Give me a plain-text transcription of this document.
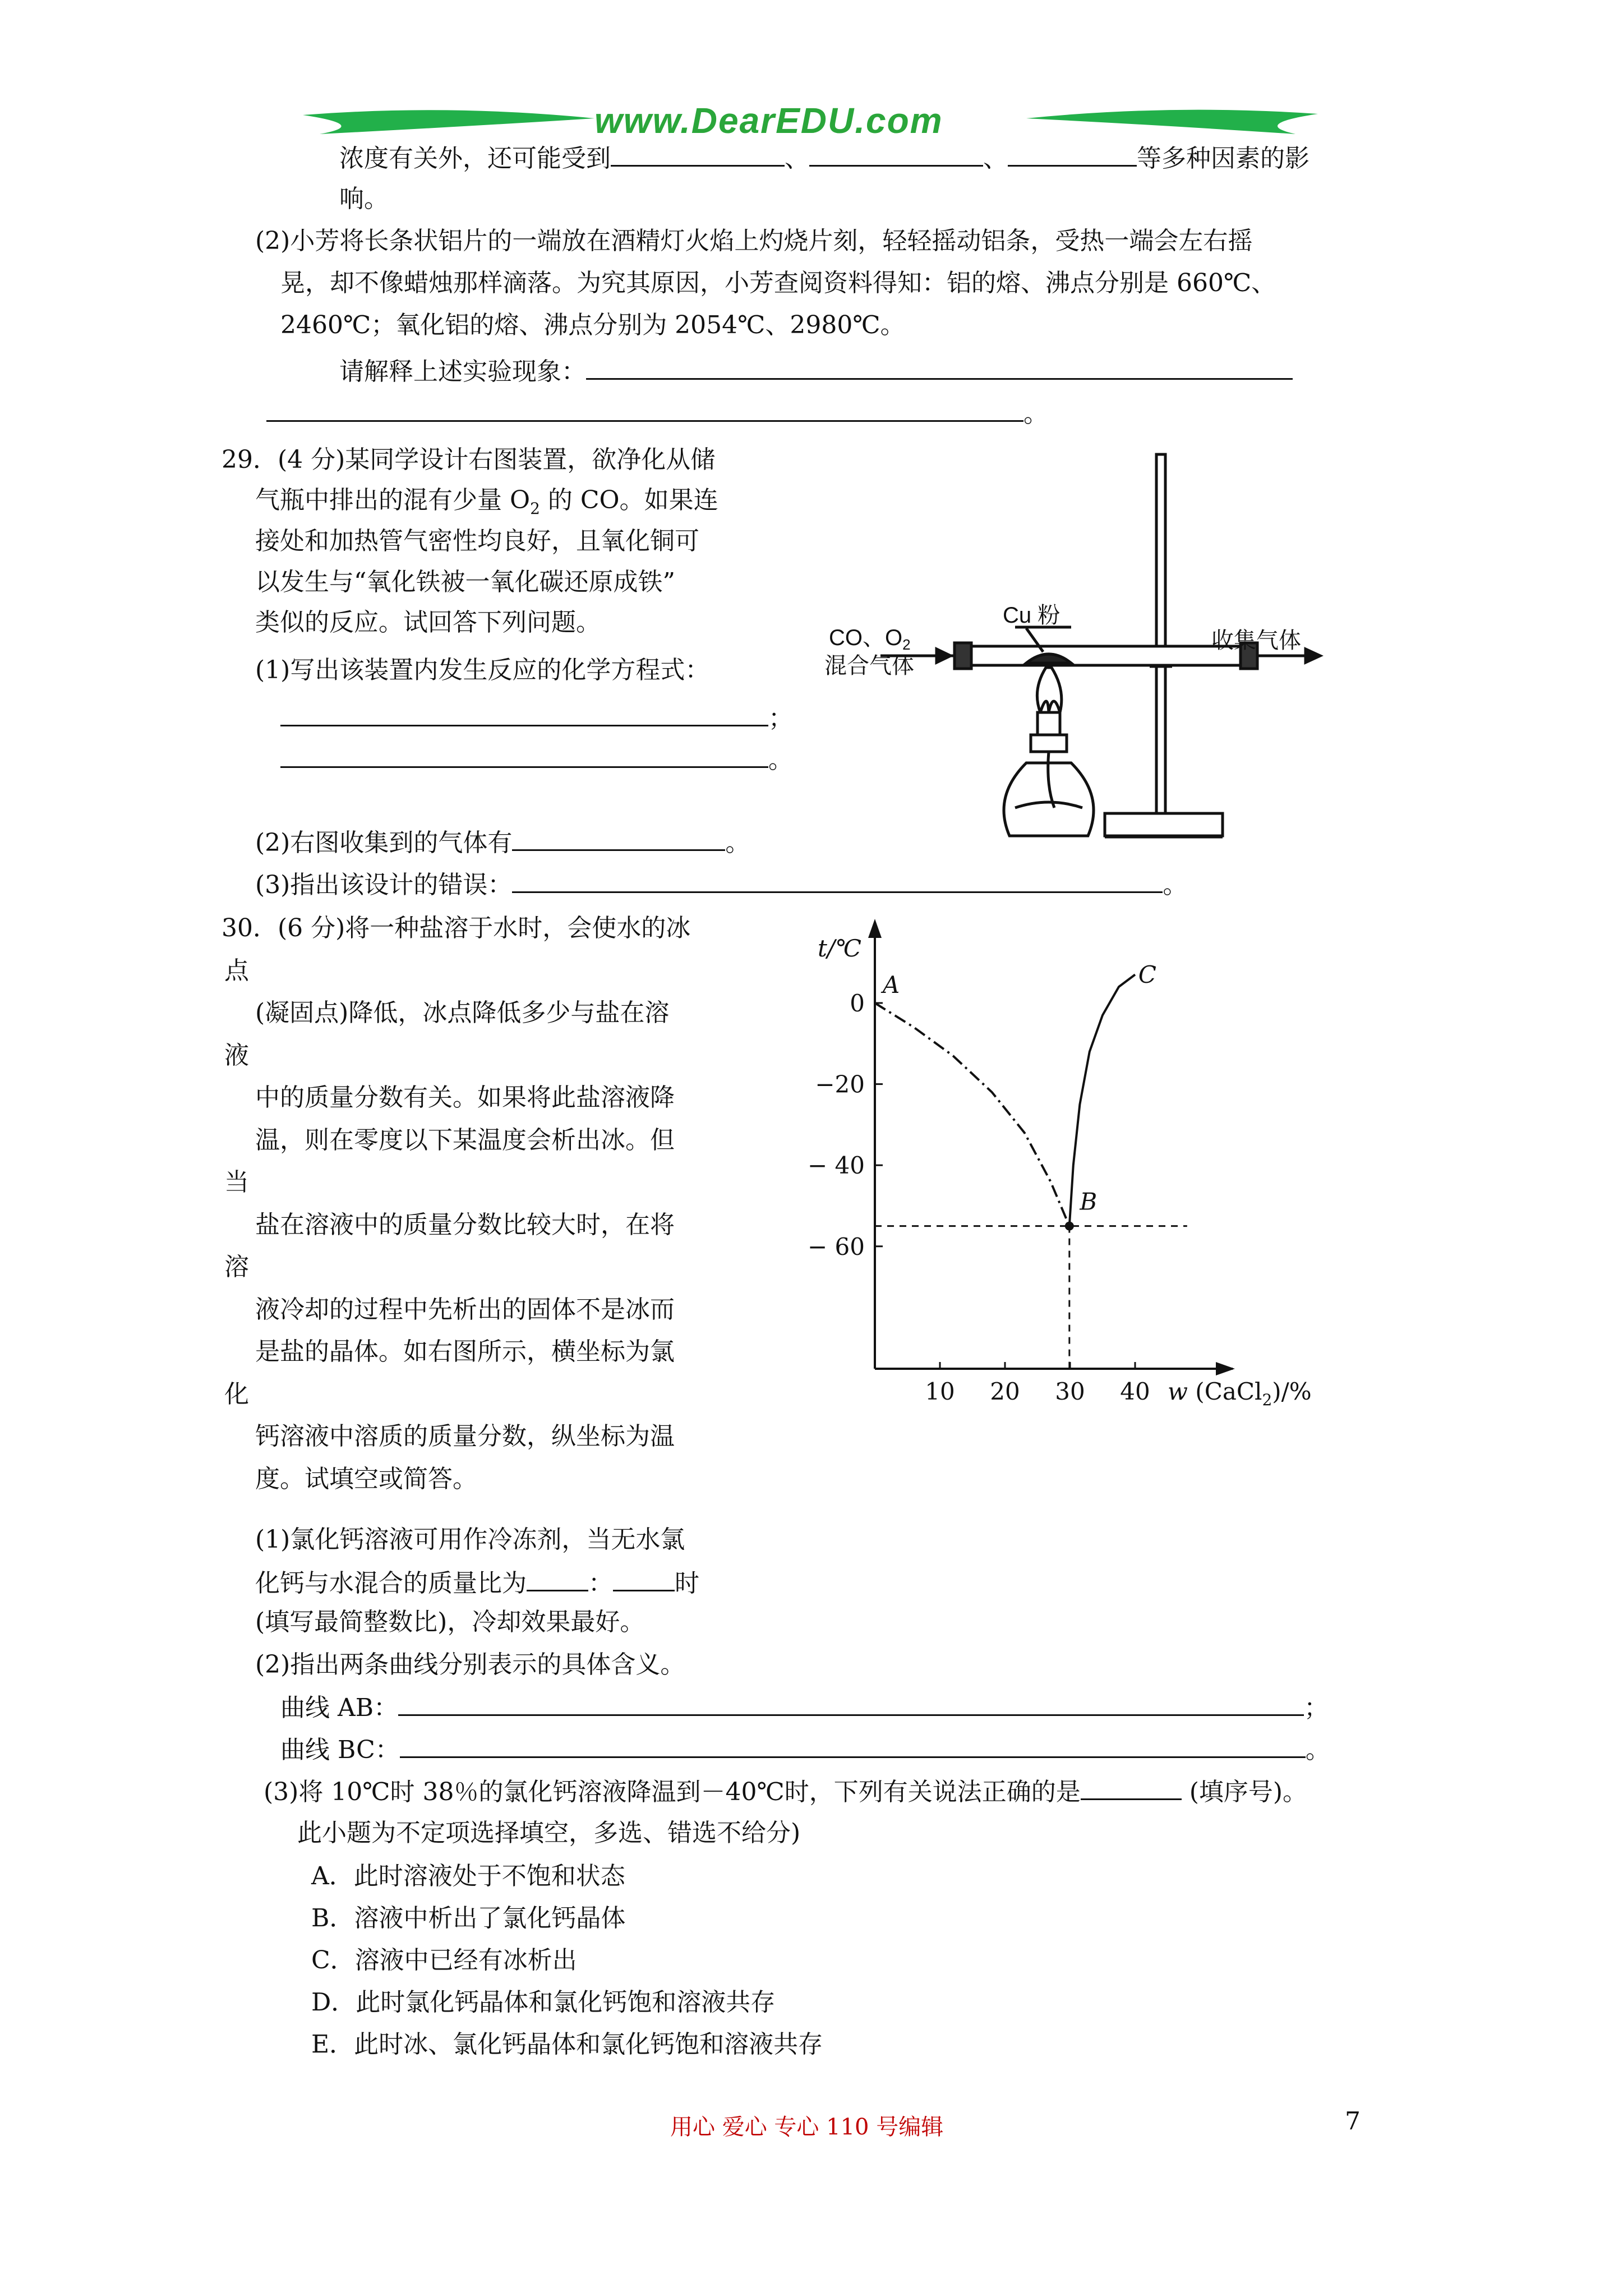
www.DearEDU.com
浓度有关外，还可能受到	、	、	等多种因素的影
响。
(2)小芳将长条状铝片的一端放在酒精灯火焰上灼烧片刻，轻轻摇动铝条，受热一端会左右摇
晃，却不像蜡烛那样滴落。为究其原因，小芳查阅资料得知：铝的熔、沸点分别是 660℃、
2460℃；氧化铝的熔、沸点分别为 2054℃、2980℃。
请解释上述实验现象：
。
29．(4 分)某同学设计右图装置，欲净化从储
气瓶中排出的混有少量 $O_2$ 的 CO。如果连
接处和加热管气密性均良好，且氧化铜可
以发生与“氧化铁被一氧化碳还原成铁”
类似的反应。试回答下列问题。
(1)写出该装置内发生反应的化学方程式：
；
。
(2)右图收集到的气体有	。
(3)指出该设计的错误：	。
CO、$O_2$
混合气体
Cu 粉
收集气体
30．(6 分)将一种盐溶于水时，会使水的冰
点
(凝固点)降低，冰点降低多少与盐在溶
液
中的质量分数有关。如果将此盐溶液降
温，则在零度以下某温度会析出冰。但
当
盐在溶液中的质量分数比较大时，在将
溶
液冷却的过程中先析出的固体不是冰而
是盐的晶体。如右图所示，横坐标为氯
化
钙溶液中溶质的质量分数，纵坐标为温
度。试填空或简答。
(1)氯化钙溶液可用作冷冻剂，当无水氯
化钙与水混合的质量比为	：	时
(填写最简整数比)，冷却效果最好。
(2)指出两条曲线分别表示的具体含义。
曲线 AB：	；
曲线 BC：	。
(3)将 10℃时 38％的氯化钙溶液降温到－40℃时，下列有关说法正确的是	(填序号)。
此小题为不定项选择填空，多选、错选不给分)
A．此时溶液处于不饱和状态
B．溶液中析出了氯化钙晶体
C．溶液中已经有冰析出
D．此时氯化钙晶体和氯化钙饱和溶液共存
E．此时冰、氯化钙晶体和氯化钙饱和溶液共存
t/℃
0
−20
− 40
− 60
10 20 30 40 w (CaCl$_2$)/%
A
B
C
用心 爱心 专心 110 号编辑	7
